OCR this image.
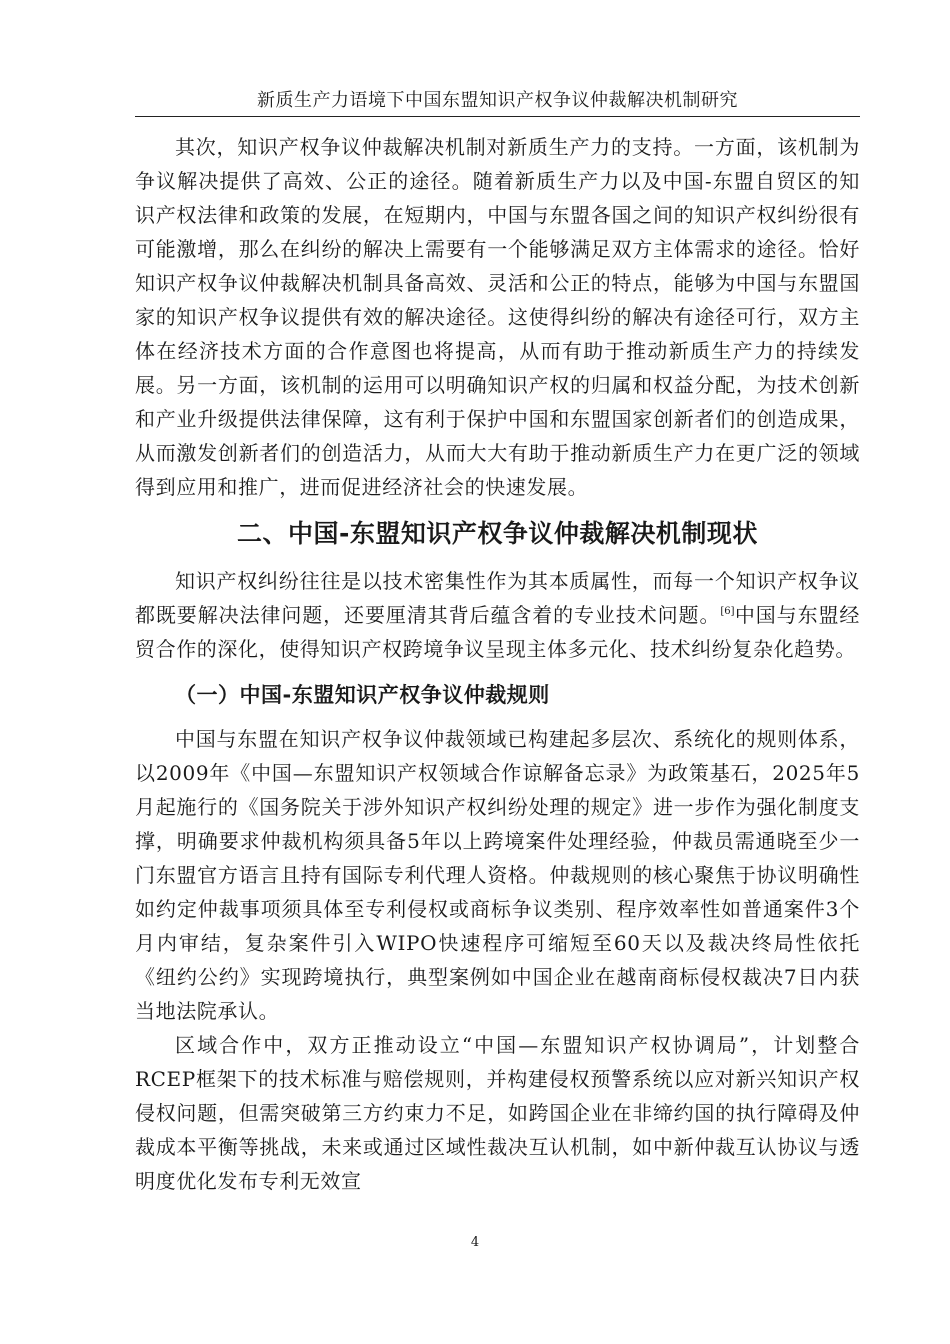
新质生产力语境下中国东盟知识产权争议仲裁解决机制研究

其次，知识产权争议仲裁解决机制对新质生产力的支持。一方面，该机制为争议解决提供了高效、公正的途径。随着新质生产力以及中国-东盟自贸区的知识产权法律和政策的发展，在短期内，中国与东盟各国之间的知识产权纠纷很有可能激增，那么在纠纷的解决上需要有一个能够满足双方主体需求的途径。恰好知识产权争议仲裁解决机制具备高效、灵活和公正的特点，能够为中国与东盟国家的知识产权争议提供有效的解决途径。这使得纠纷的解决有途径可行，双方主体在经济技术方面的合作意图也将提高，从而有助于推动新质生产力的持续发展。另一方面，该机制的运用可以明确知识产权的归属和权益分配，为技术创新和产业升级提供法律保障，这有利于保护中国和东盟国家创新者们的创造成果，从而激发创新者们的创造活力，从而大大有助于推动新质生产力在更广泛的领域得到应用和推广，进而促进经济社会的快速发展。

二、中国-东盟知识产权争议仲裁解决机制现状

知识产权纠纷往往是以技术密集性作为其本质属性，而每一个知识产权争议都既要解决法律问题，还要厘清其背后蕴含着的专业技术问题。[6]中国与东盟经贸合作的深化，使得知识产权跨境争议呈现主体多元化、技术纠纷复杂化趋势。

（一）中国-东盟知识产权争议仲裁规则

中国与东盟在知识产权争议仲裁领域已构建起多层次、系统化的规则体系，以2009年《中国—东盟知识产权领域合作谅解备忘录》为政策基石，2025年5月起施行的《国务院关于涉外知识产权纠纷处理的规定》进一步作为强化制度支撑，明确要求仲裁机构须具备5年以上跨境案件处理经验，仲裁员需通晓至少一门东盟官方语言且持有国际专利代理人资格。仲裁规则的核心聚焦于协议明确性如约定仲裁事项须具体至专利侵权或商标争议类别、程序效率性如普通案件3个月内审结，复杂案件引入WIPO快速程序可缩短至60天以及裁决终局性依托《纽约公约》实现跨境执行，典型案例如中国企业在越南商标侵权裁决7日内获当地法院承认。

区域合作中，双方正推动设立“中国—东盟知识产权协调局”，计划整合RCEP框架下的技术标准与赔偿规则，并构建侵权预警系统以应对新兴知识产权侵权问题，但需突破第三方约束力不足，如跨国企业在非缔约国的执行障碍及仲裁成本平衡等挑战，未来或通过区域性裁决互认机制，如中新仲裁互认协议与透明度优化发布专利无效宣

4
